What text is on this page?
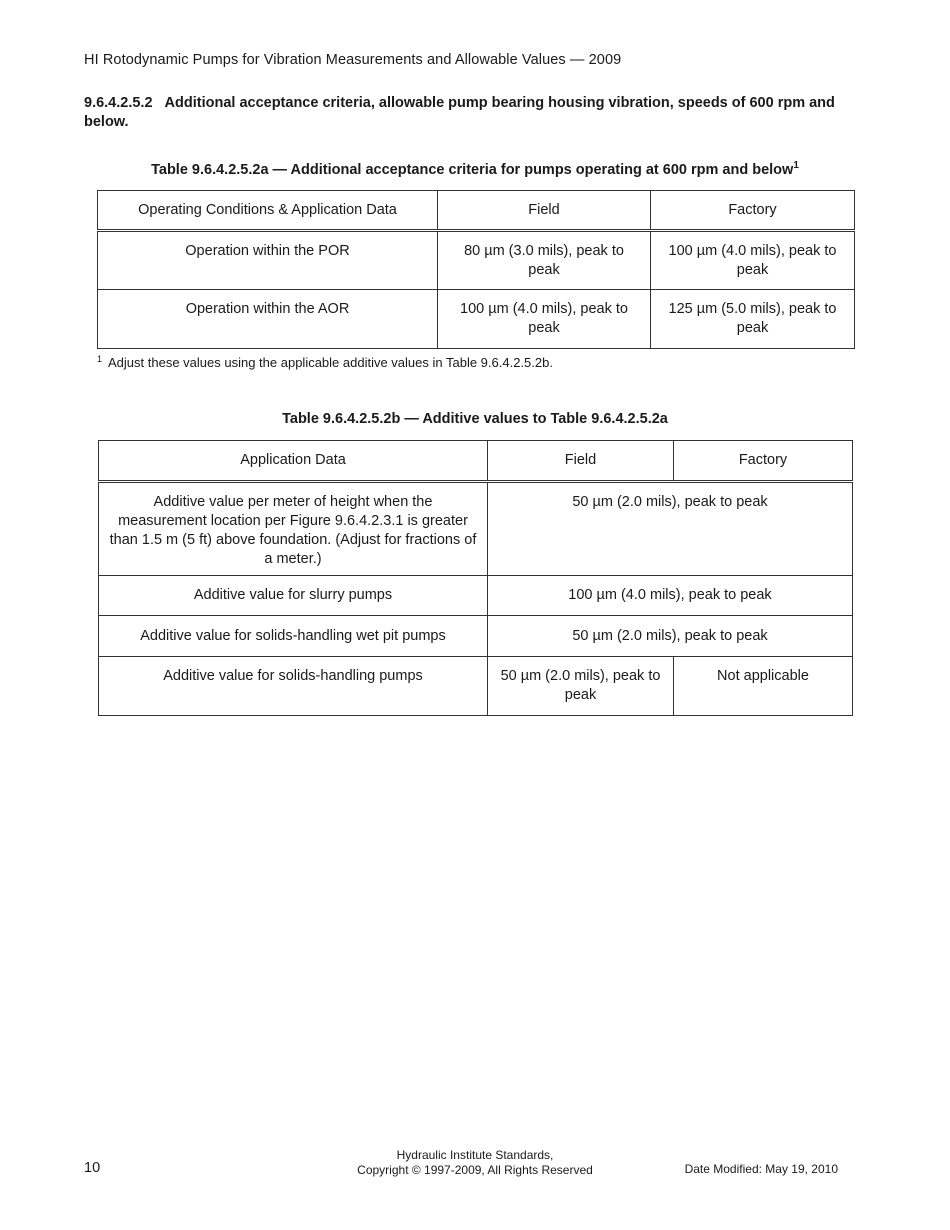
HI Rotodynamic Pumps for Vibration Measurements and Allowable Values — 2009
9.6.4.2.5.2 Additional acceptance criteria, allowable pump bearing housing vibration, speeds of 600 rpm and below.
Table 9.6.4.2.5.2a — Additional acceptance criteria for pumps operating at 600 rpm and below$^1$
Operating Conditions & Application Data	Field	Factory
Operation within the POR	80 µm (3.0 mils), peak to peak	100 µm (4.0 mils), peak to peak
Operation within the AOR	100 µm (4.0 mils), peak to peak	125 µm (5.0 mils), peak to peak
$^1$ Adjust these values using the applicable additive values in Table 9.6.4.2.5.2b.
Table 9.6.4.2.5.2b — Additive values to Table 9.6.4.2.5.2a
Application Data	Field	Factory
Additive value per meter of height when the measurement location per Figure 9.6.4.2.3.1 is greater than 1.5 m (5 ft) above foundation. (Adjust for fractions of a meter.)	50 µm (2.0 mils), peak to peak	
Additive value for slurry pumps	100 µm (4.0 mils), peak to peak	
Additive value for solids-handling wet pit pumps	50 µm (2.0 mils), peak to peak	
Additive value for solids-handling pumps	50 µm (2.0 mils), peak to peak	Not applicable
10
Hydraulic Institute Standards,
Copyright © 1997-2009, All Rights Reserved	Date Modified: May 19, 2010
